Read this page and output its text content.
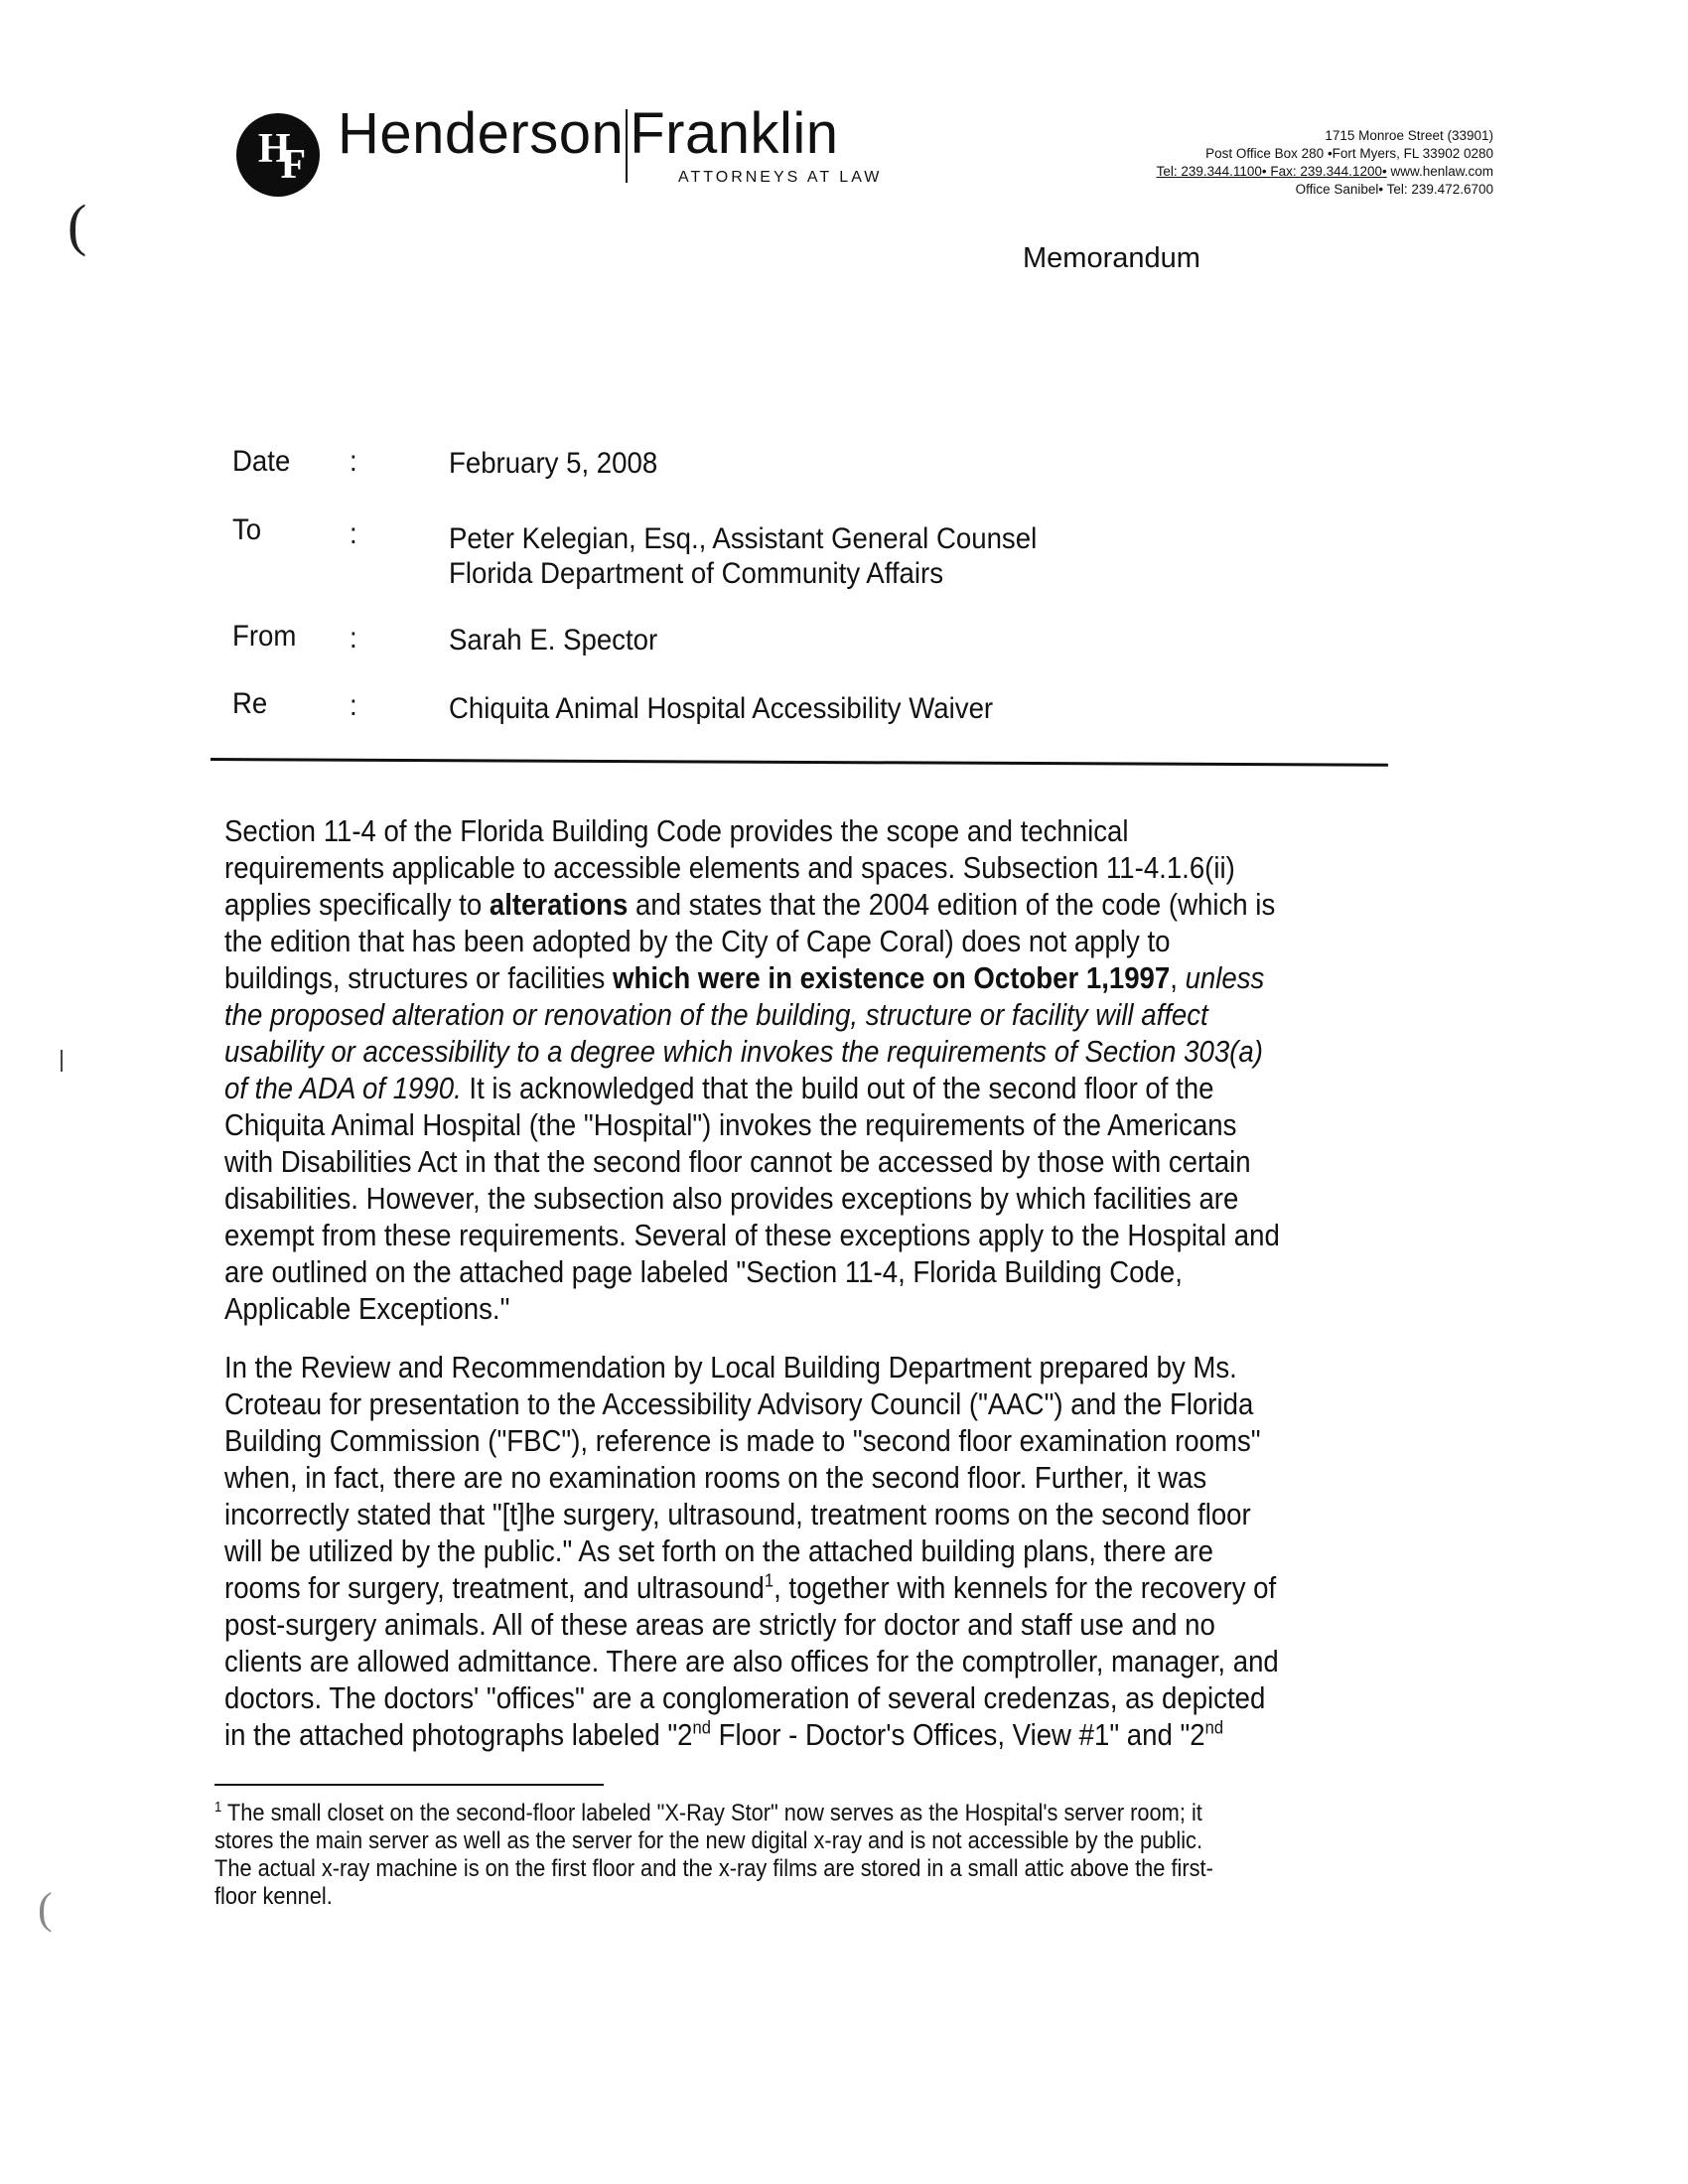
HF Henderson Franklin
ATTORNEYS AT LAW
1715 Monroe Street (33901)
Post Office Box 280 •Fort Myers, FL 33902 0280
Tel: 239.344.1100• Fax: 239.344.1200• www.henlaw.com
Office Sanibel• Tel: 239.472.6700
Memorandum
Date :	February 5, 2008
To	:	Peter Kelegian, Esq., Assistant General Counsel
Florida Department of Community Affairs
From :	Sarah E. Spector
Re	:	Chiquita Animal Hospital Accessibility Waiver
Section 11-4 of the Florida Building Code provides the scope and technical
requirements applicable to accessible elements and spaces. Subsection 11-4.1.6(ii)
applies specifically to alterations and states that the 2004 edition of the code (which is
the edition that has been adopted by the City of Cape Coral) does not apply to
buildings, structures or facilities which were in existence on October 1,1997, unless
the proposed alteration or renovation of the building, structure or facility will affect
usability or accessibility to a degree which invokes the requirements of Section 303(a)
of the ADA of 1990. It is acknowledged that the build out of the second floor of the
Chiquita Animal Hospital (the "Hospital") invokes the requirements of the Americans
with Disabilities Act in that the second floor cannot be accessed by those with certain
disabilities. However, the subsection also provides exceptions by which facilities are
exempt from these requirements. Several of these exceptions apply to the Hospital and
are outlined on the attached page labeled "Section 11-4, Florida Building Code,
Applicable Exceptions."
In the Review and Recommendation by Local Building Department prepared by Ms.
Croteau for presentation to the Accessibility Advisory Council ("AAC") and the Florida
Building Commission ("FBC"), reference is made to "second floor examination rooms"
when, in fact, there are no examination rooms on the second floor. Further, it was
incorrectly stated that "[t]he surgery, ultrasound, treatment rooms on the second floor
will be utilized by the public." As set forth on the attached building plans, there are
rooms for surgery, treatment, and ultrasound$^1$, together with kennels for the recovery of
post-surgery animals. All of these areas are strictly for doctor and staff use and no
clients are allowed admittance. There are also offices for the comptroller, manager, and
doctors. The doctors' "offices" are a conglomeration of several credenzas, as depicted
in the attached photographs labeled "2nd Floor - Doctor's Offices, View #1" and "2nd
$^1$ The small closet on the second-floor labeled "X-Ray Stor" now serves as the Hospital's server room; it
stores the main server as well as the server for the new digital x-ray and is not accessible by the public.
The actual x-ray machine is on the first floor and the x-ray films are stored in a small attic above the first-
floor kennel.
(
(
